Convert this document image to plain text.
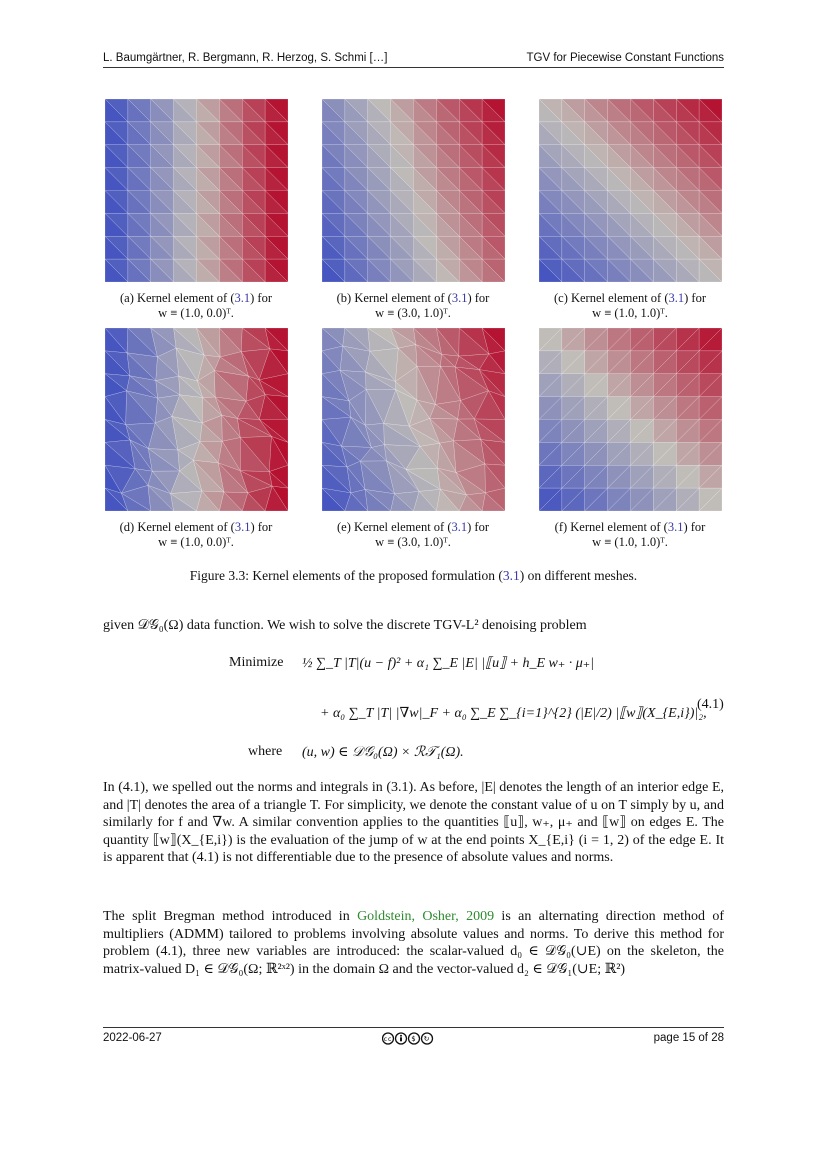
L. Baumgärtner, R. Bergmann, R. Herzog, S. Schmi […]	TGV for Piecewise Constant Functions
(a) Kernel element of (3.1) for
w ≡ (1.0, 0.0)ᵀ.
(b) Kernel element of (3.1) for
w ≡ (3.0, 1.0)ᵀ.
(c) Kernel element of (3.1) for
w ≡ (1.0, 1.0)ᵀ.
(d) Kernel element of (3.1) for
w ≡ (1.0, 0.0)ᵀ.
(e) Kernel element of (3.1) for
w ≡ (3.0, 1.0)ᵀ.
(f) Kernel element of (3.1) for
w ≡ (1.0, 1.0)ᵀ.
Figure 3.3: Kernel elements of the proposed formulation (3.1) on different meshes.
given 𝒟𝒢₀(Ω) data function. We wish to solve the discrete TGV-L² denoising problem
Minimize ½ ∑_T |T|(u − f)² + α₁ ∑_E |E| |⟦u⟧ + h_E w₊ · μ₊|
+ α₀ ∑_T |T| |∇w|_F + α₀ ∑_E ∑_{i=1}^{2} (|E|/2) |⟦w⟧(X_{E,i})|₂,
(4.1)
where (u, w) ∈ 𝒟𝒢₀(Ω) × ℛ𝒯₁(Ω).
In (4.1), we spelled out the norms and integrals in (3.1). As before, |E| denotes the length of an interior edge E, and |T| denotes the area of a triangle T. For simplicity, we denote the constant value of u on T simply by u, and similarly for f and ∇w. A similar convention applies to the quantities ⟦u⟧, w₊, μ₊ and ⟦w⟧ on edges E. The quantity ⟦w⟧(X_{E,i}) is the evaluation of the jump of w at the end points X_{E,i} (i = 1, 2) of the edge E. It is apparent that (4.1) is not differentiable due to the presence of absolute values and norms.
The split Bregman method introduced in Goldstein, Osher, 2009 is an alternating direction method of multipliers (ADMM) tailored to problems involving absolute values and norms. To derive this method for problem (4.1), three new variables are introduced: the scalar-valued d₀ ∈ 𝒟𝒢₀(∪E) on the skeleton, the matrix-valued D₁ ∈ 𝒟𝒢₀(Ω; ℝ²ˣ²) in the domain Ω and the vector-valued d₂ ∈ 𝒟𝒢₁(∪E; ℝ²)
2022-06-27	cc	$ ↻	page 15 of 28
